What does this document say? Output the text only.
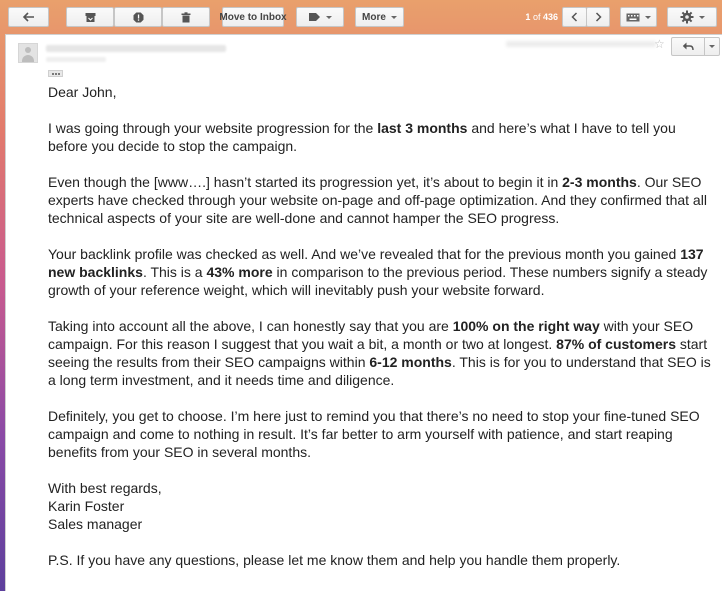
Move to Inbox	More	1 of 436
☆

Dear John,

I was going through your website progression for the last 3 months and here’s what I have to tell you before you decide to stop the campaign.

Even though the [www….] hasn’t started its progression yet, it’s about to begin it in 2-3 months. Our SEO experts have checked through your website on-page and off-page optimization. And they confirmed that all technical aspects of your site are well-done and cannot hamper the SEO progress.

Your backlink profile was checked as well. And we’ve revealed that for the previous month you gained 137 new backlinks. This is a 43% more in comparison to the previous period. These numbers signify a steady growth of your reference weight, which will inevitably push your website forward.

Taking into account all the above, I can honestly say that you are 100% on the right way with your SEO campaign. For this reason I suggest that you wait a bit, a month or two at longest. 87% of customers start seeing the results from their SEO campaigns within 6-12 months. This is for you to understand that SEO is a long term investment, and it needs time and diligence.

Definitely, you get to choose. I’m here just to remind you that there’s no need to stop your fine-tuned SEO campaign and come to nothing in result. It’s far better to arm yourself with patience, and start reaping benefits from your SEO in several months.

With best regards,
Karin Foster
Sales manager

P.S. If you have any questions, please let me know them and help you handle them properly.
